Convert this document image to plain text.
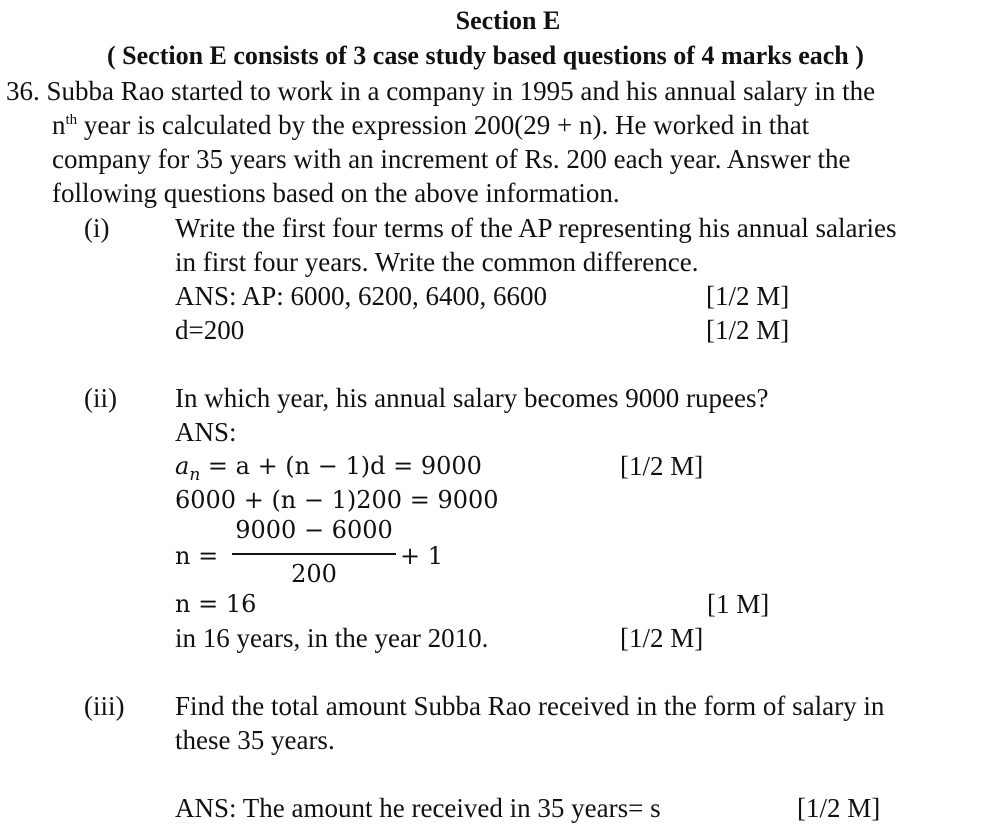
Section E
( Section E consists of 3 case study based questions of 4 marks each )
36. Subba Rao started to work in a company in 1995 and his annual salary in the
$n^{th}$ year is calculated by the expression 200(29 + n). He worked in that
company for 35 years with an increment of Rs. 200 each year. Answer the
following questions based on the above information.
(i) Write the first four terms of the AP representing his annual salaries
in first four years. Write the common difference.
ANS: AP: 6000, 6200, 6400, 6600	[1/2 M]
d=200	[1/2 M]
(ii) In which year, his annual salary becomes 9000 rupees?
ANS:
$a_n = a + (n - 1)d = 9000$	[1/2 M]
6000 + (n − 1)200 = 9000
n =
9000 − 6000
200
+ 1
n = 16	[1 M]
in 16 years, in the year 2010.	[1/2 M]
(iii) Find the total amount Subba Rao received in the form of salary in
these 35 years.
ANS: The amount he received in 35 years= s	[1/2 M]
